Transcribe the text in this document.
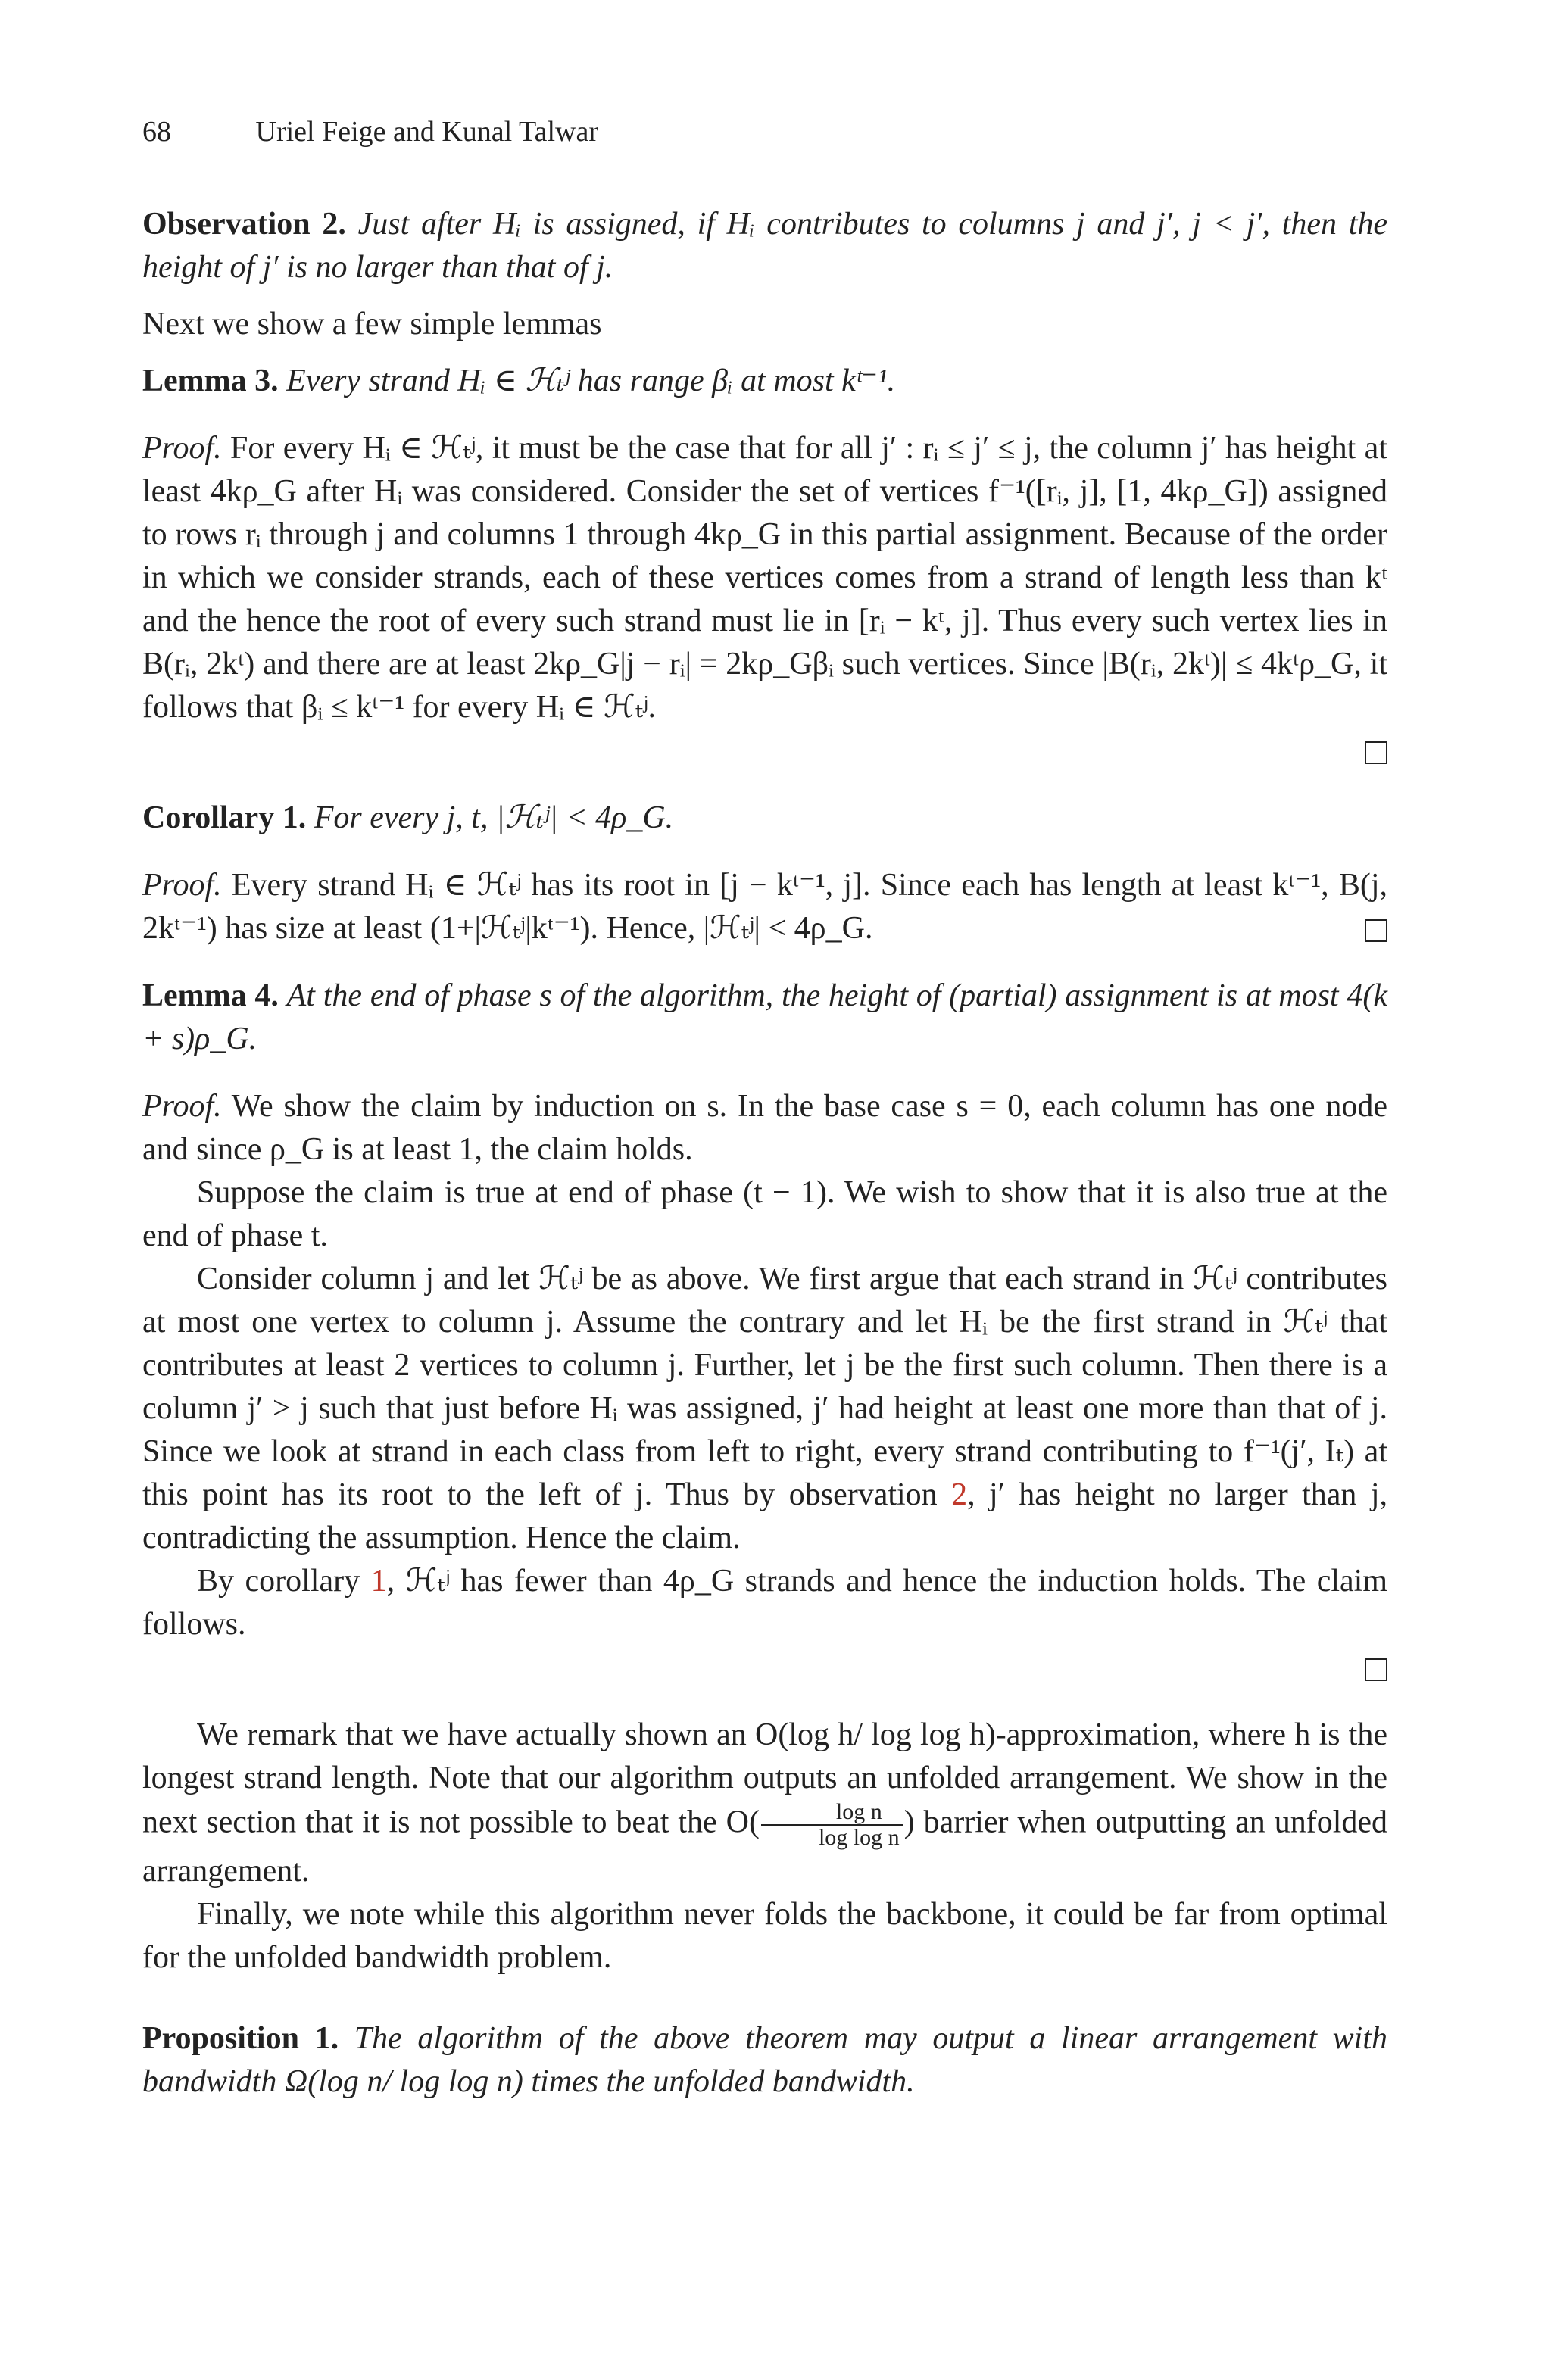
68	Uriel Feige and Kunal Talwar

Observation 2. Just after Hᵢ is assigned, if Hᵢ contributes to columns j and j′, j < j′, then the height of j′ is no larger than that of j.

Next we show a few simple lemmas

Lemma 3. Every strand Hᵢ ∈ ℋₜʲ has range βᵢ at most kᵗ⁻¹.

Proof. For every Hᵢ ∈ ℋₜʲ, it must be the case that for all j′ : rᵢ ≤ j′ ≤ j, the column j′ has height at least 4kρ_G after Hᵢ was considered. Consider the set of vertices f⁻¹([rᵢ, j], [1, 4kρ_G]) assigned to rows rᵢ through j and columns 1 through 4kρ_G in this partial assignment. Because of the order in which we consider strands, each of these vertices comes from a strand of length less than kᵗ and the hence the root of every such strand must lie in [rᵢ − kᵗ, j]. Thus every such vertex lies in B(rᵢ, 2kᵗ) and there are at least 2kρ_G|j − rᵢ| = 2kρ_Gβᵢ such vertices. Since |B(rᵢ, 2kᵗ)| ≤ 4kᵗρ_G, it follows that βᵢ ≤ kᵗ⁻¹ for every Hᵢ ∈ ℋₜʲ.

Corollary 1. For every j, t, |ℋₜʲ| < 4ρ_G.

Proof. Every strand Hᵢ ∈ ℋₜʲ has its root in [j − kᵗ⁻¹, j]. Since each has length at least kᵗ⁻¹, B(j, 2kᵗ⁻¹) has size at least (1+|ℋₜʲ|kᵗ⁻¹). Hence, |ℋₜʲ| < 4ρ_G.

Lemma 4. At the end of phase s of the algorithm, the height of (partial) assignment is at most 4(k + s)ρ_G.

Proof. We show the claim by induction on s. In the base case s = 0, each column has one node and since ρ_G is at least 1, the claim holds.

Suppose the claim is true at end of phase (t − 1). We wish to show that it is also true at the end of phase t.

Consider column j and let ℋₜʲ be as above. We first argue that each strand in ℋₜʲ contributes at most one vertex to column j. Assume the contrary and let Hᵢ be the first strand in ℋₜʲ that contributes at least 2 vertices to column j. Further, let j be the first such column. Then there is a column j′ > j such that just before Hᵢ was assigned, j′ had height at least one more than that of j. Since we look at strand in each class from left to right, every strand contributing to f⁻¹(j′, Iₜ) at this point has its root to the left of j. Thus by observation 2, j′ has height no larger than j, contradicting the assumption. Hence the claim.

By corollary 1, ℋₜʲ has fewer than 4ρ_G strands and hence the induction holds. The claim follows.

We remark that we have actually shown an O(log h/ log log h)-approximation, where h is the longest strand length. Note that our algorithm outputs an unfolded arrangement. We show in the next section that it is not possible to beat the $O( \frac{\text{log n}}{\text{log log n}}$ ) barrier when outputting an unfolded arrangement.

Finally, we note while this algorithm never folds the backbone, it could be far from optimal for the unfolded bandwidth problem.

Proposition 1. The algorithm of the above theorem may output a linear arrangement with bandwidth Ω(log n/ log log n) times the unfolded bandwidth.
